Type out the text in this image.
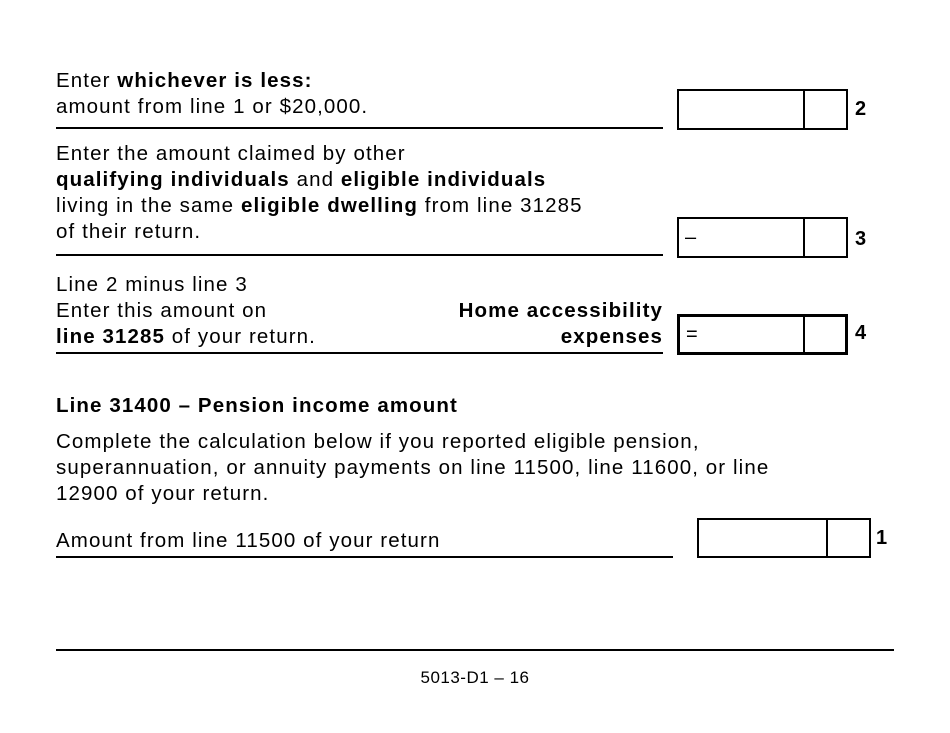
Enter whichever is less:
amount from line 1 or $20,000.	2
Enter the amount claimed by other
qualifying individuals and eligible individuals
living in the same eligible dwelling from line 31285
of their return.	–	3
Line 2 minus line 3
Enter this amount on
line 31285 of your return.
Home accessibility
expenses =	4
Line 31400 – Pension income amount
Complete the calculation below if you reported eligible pension,
superannuation, or annuity payments on line 11500, line 11600, or line
12900 of your return.
Amount from line 11500 of your return	1
5013-D1 – 16
